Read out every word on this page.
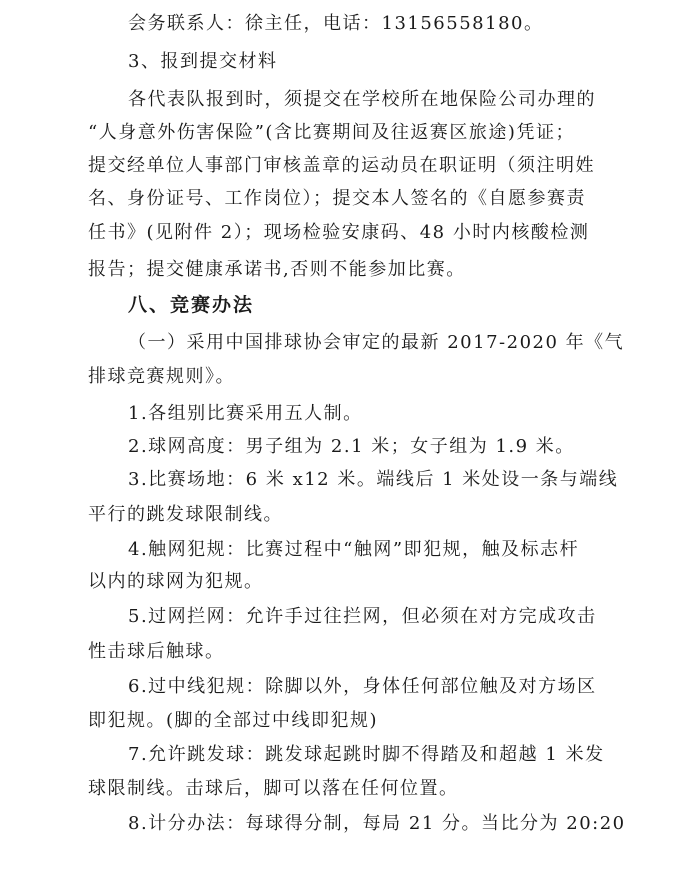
会务联系人：徐主任，电话：13156558180。
3、报到提交材料
各代表队报到时，须提交在学校所在地保险公司办理的
“人身意外伤害保险”(含比赛期间及往返赛区旅途)凭证；
提交经单位人事部门审核盖章的运动员在职证明（须注明姓
名、身份证号、工作岗位）；提交本人签名的《自愿参赛责
任书》(见附件 2）；现场检验安康码、48 小时内核酸检测
报告；提交健康承诺书,否则不能参加比赛。
八、竞赛办法
（一）采用中国排球协会审定的最新 2017-2020 年《气
排球竞赛规则》。
1.各组别比赛采用五人制。
2.球网高度：男子组为 2.1 米；女子组为 1.9 米。
3.比赛场地：6 米 x12 米。端线后 1 米处设一条与端线
平行的跳发球限制线。
4.触网犯规：比赛过程中“触网”即犯规，触及标志杆
以内的球网为犯规。
5.过网拦网：允许手过往拦网，但必须在对方完成攻击
性击球后触球。
6.过中线犯规：除脚以外，身体任何部位触及对方场区
即犯规。(脚的全部过中线即犯规)
7.允许跳发球：跳发球起跳时脚不得踏及和超越 1 米发
球限制线。击球后，脚可以落在任何位置。
8.计分办法：每球得分制，每局 21 分。当比分为 20:20
